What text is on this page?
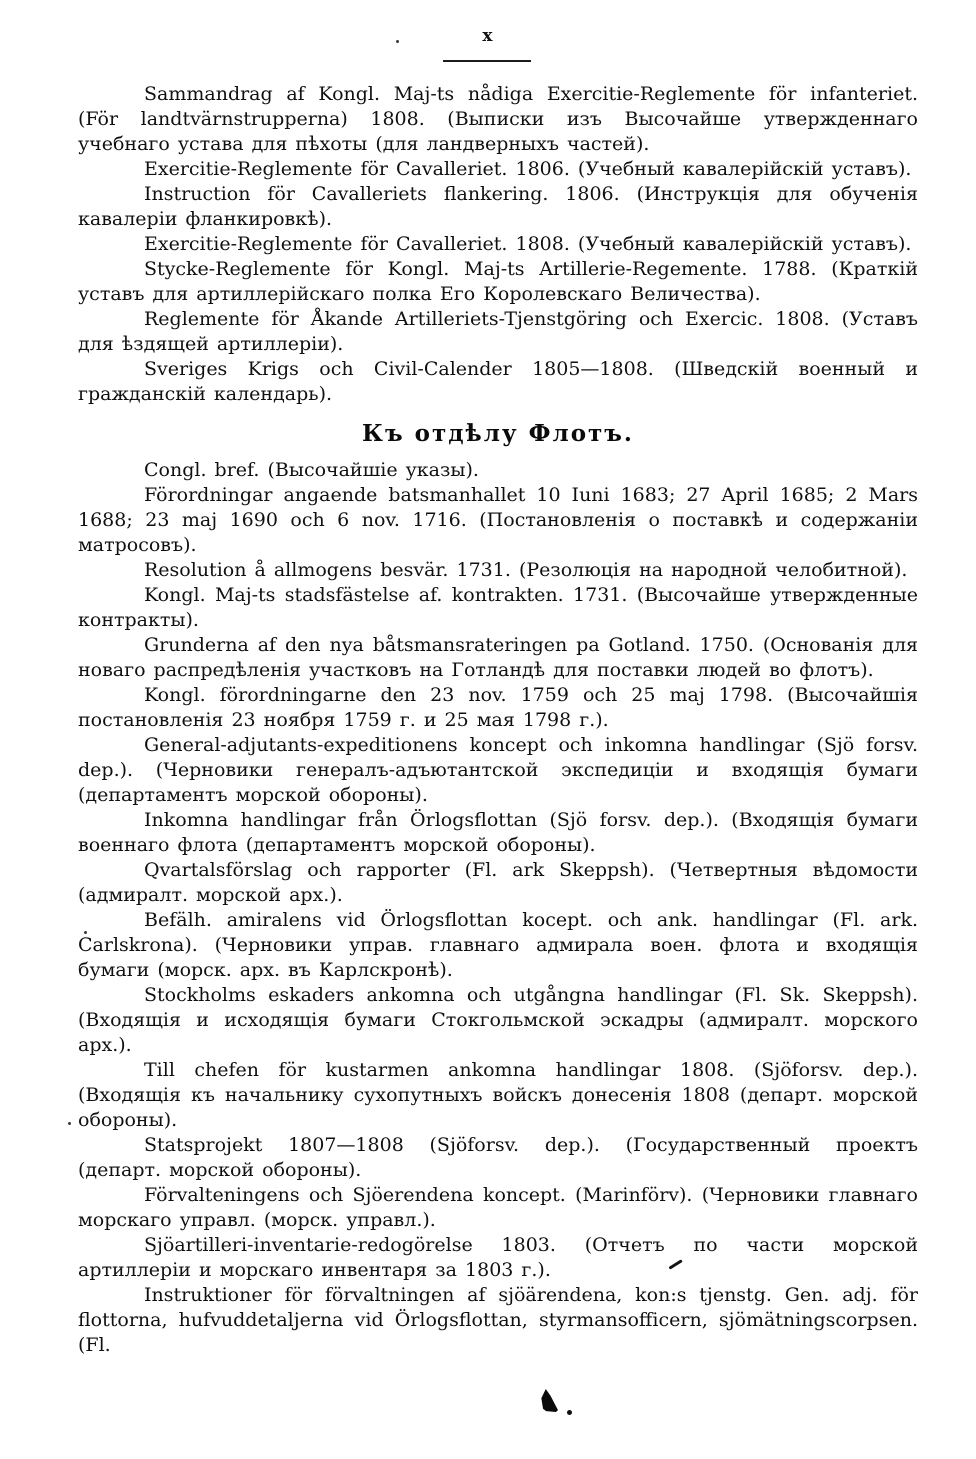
x

Sammandrag af Kongl. Maj-ts nådiga Exercitie-Reglemente för infanteriet. (För landtvärnstrupperna) 1808. (Выписки изъ Высочайше утвержденнаго учебнаго устава для пѣхоты (для ландверныхъ частей).

Exercitie-Reglemente för Cavalleriet. 1806. (Учебный кавалерійскій уставъ).

Instruction för Cavalleriets flankering. 1806. (Инструкція для обученія кавалеріи фланкировкѣ).

Exercitie-Reglemente för Cavalleriet. 1808. (Учебный кавалерійскій уставъ).

Stycke-Reglemente för Kongl. Maj-ts Artillerie-Regemente. 1788. (Краткій уставъ для артиллерійскаго полка Его Королевскаго Величества).

Reglemente för Åkande Artilleriets-Tjenstgöring och Exercic. 1808. (Уставъ для ѣздящей артиллеріи).

Sveriges Krigs och Civil-Calender 1805—1808. (Шведскій военный и гражданскій календарь).

Къ отдѣлу Флотъ.

Congl. bref. (Высочайшіе указы).

Förordningar angaende batsmanhallet 10 Iuni 1683; 27 April 1685; 2 Mars 1688; 23 maj 1690 och 6 nov. 1716. (Постановленія о поставкѣ и содержаніи матросовъ).

Resolution å allmogens besvär. 1731. (Резолюція на народной челобитной).

Kongl. Maj-ts stadsfästelse af. kontrakten. 1731. (Высочайше утвержденные контракты).

Grunderna af den nya båtsmansrateringen pa Gotland. 1750. (Основанія для новаго распредѣленія участковъ на Готландѣ для поставки людей во флотъ).

Kongl. förordningarne den 23 nov. 1759 och 25 maj 1798. (Высочайшія постановленія 23 ноября 1759 г. и 25 мая 1798 г.).

General-adjutants-expeditionens koncept och inkomna handlingar (Sjö forsv. dep.). (Черновики генералъ-адъютантской экспедиціи и входящія бумаги (департаментъ морской обороны).

Inkomna handlingar från Örlogsflottan (Sjö forsv. dep.). (Входящія бумаги военнаго флота (департаментъ морской обороны).

Qvartalsförslag och rapporter (Fl. ark Skeppsh). (Четвертныя вѣдомости (адмиралт. морской арх.).

Befälh. amiralens vid Örlogsflottan kocept. och ank. handlingar (Fl. ark. Carlskrona). (Черновики управ. главнаго адмирала воен. флота и входящія бумаги (морск. арх. въ Карлскронѣ).

Stockholms eskaders ankomna och utgångna handlingar (Fl. Sk. Skeppsh). (Входящія и исходящія бумаги Стокгольмской эскадры (адмиралт. морского арх.).

Till chefen för kustarmen ankomna handlingar 1808. (Sjöforsv. dep.). (Входящія къ начальнику сухопутныхъ войскъ донесенія 1808 (департ. морской обороны).

Statsprojekt 1807—1808 (Sjöforsv. dep.). (Государственный проектъ (департ. морской обороны).

Förvalteningens och Sjöerendena koncept. (Marinförv). (Черновики главнаго морскаго управл. (морск. управл.).

Sjöartilleri-inventarie-redogörelse 1803. (Отчетъ по части морской артиллеріи и морскаго инвентаря за 1803 г.).

Instruktioner för förvaltningen af sjöärendena, kon:s tjenstg. Gen. adj. för flottorna, hufvuddetaljerna vid Örlogsflottan, styrmansofficern, sjömätningscorpsen. (Fl.
